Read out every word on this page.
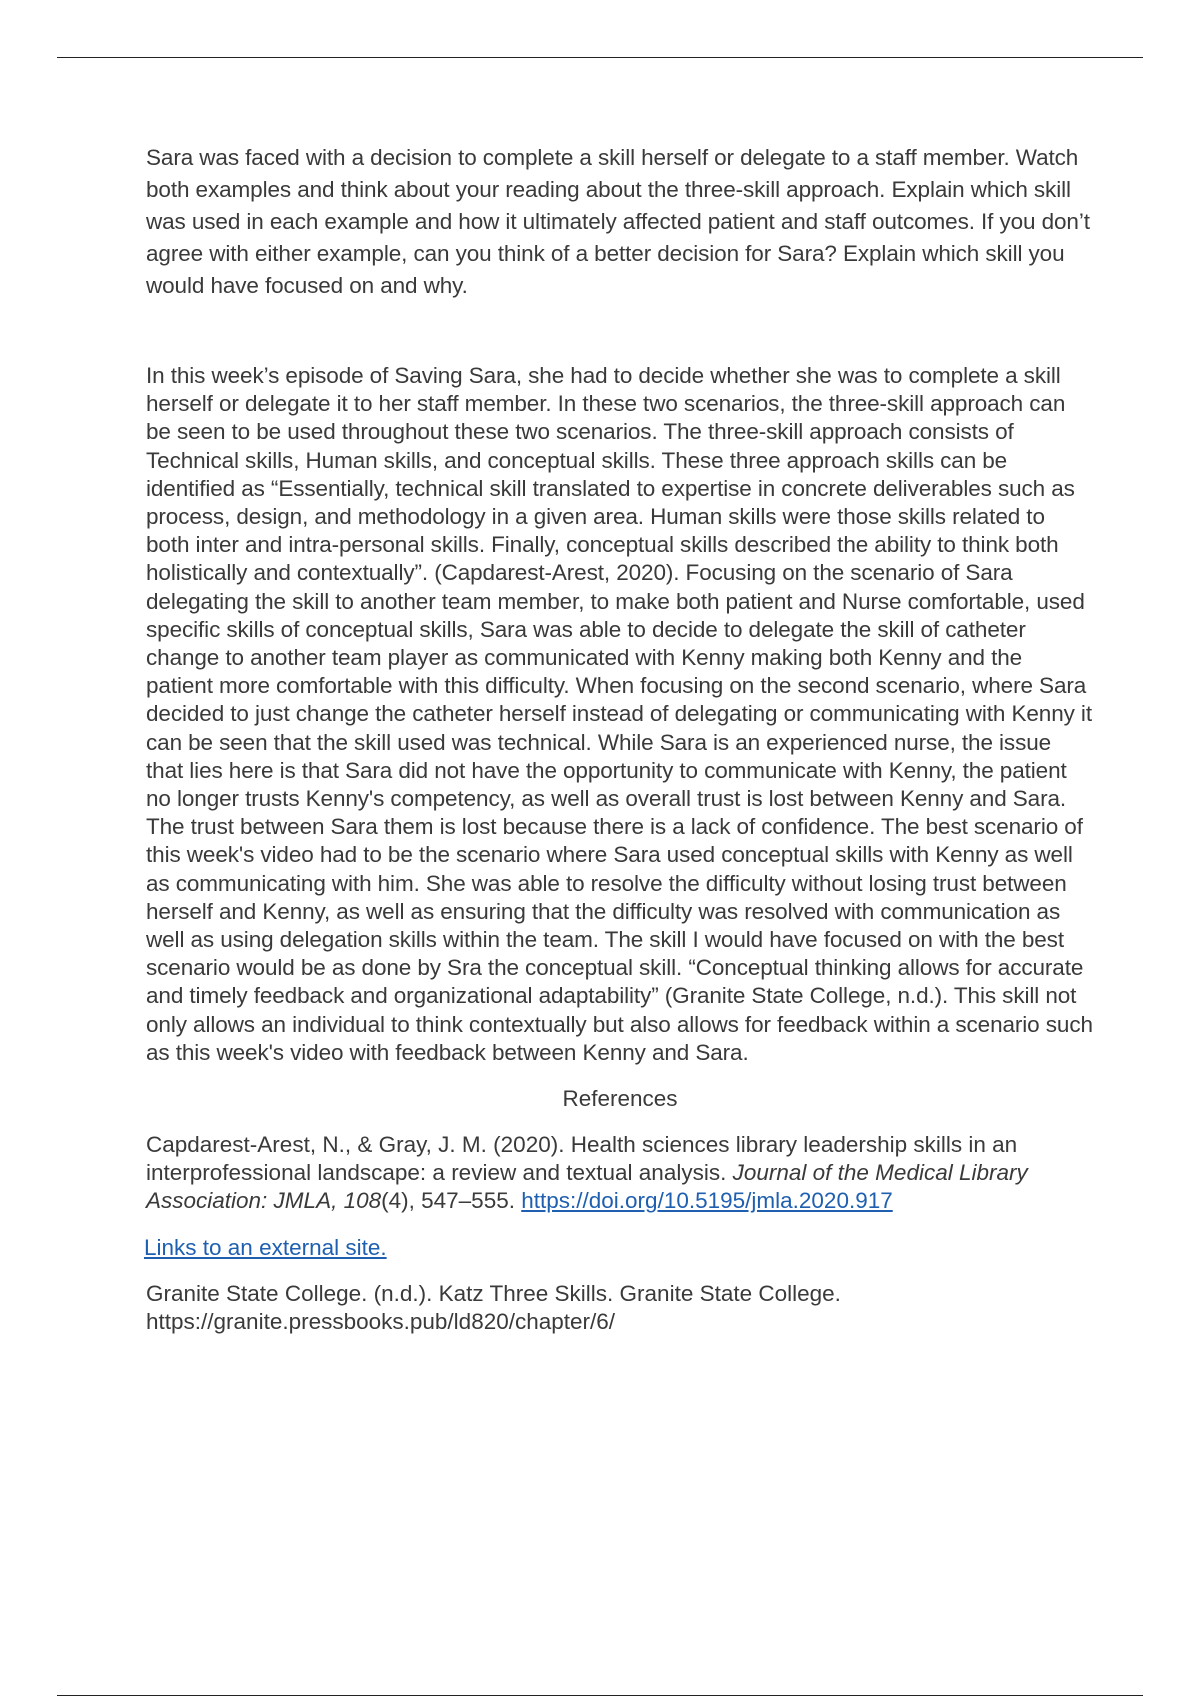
Sara was faced with a decision to complete a skill herself or delegate to a staff member. Watch both examples and think about your reading about the three-skill approach. Explain which skill was used in each example and how it ultimately affected patient and staff outcomes. If you don’t agree with either example, can you think of a better decision for Sara? Explain which skill you would have focused on and why.

In this week’s episode of Saving Sara, she had to decide whether she was to complete a skill herself or delegate it to her staff member. In these two scenarios, the three-skill approach can be seen to be used throughout these two scenarios. The three-skill approach consists of Technical skills, Human skills, and conceptual skills. These three approach skills can be identified as “Essentially, technical skill translated to expertise in concrete deliverables such as process, design, and methodology in a given area. Human skills were those skills related to both inter and intra-personal skills. Finally, conceptual skills described the ability to think both holistically and contextually”. (Capdarest-Arest, 2020). Focusing on the scenario of Sara delegating the skill to another team member, to make both patient and Nurse comfortable, used specific skills of conceptual skills, Sara was able to decide to delegate the skill of catheter change to another team player as communicated with Kenny making both Kenny and the patient more comfortable with this difficulty. When focusing on the second scenario, where Sara decided to just change the catheter herself instead of delegating or communicating with Kenny it can be seen that the skill used was technical. While Sara is an experienced nurse, the issue that lies here is that Sara did not have the opportunity to communicate with Kenny, the patient no longer trusts Kenny's competency, as well as overall trust is lost between Kenny and Sara. The trust between Sara them is lost because there is a lack of confidence. The best scenario of this week's video had to be the scenario where Sara used conceptual skills with Kenny as well as communicating with him. She was able to resolve the difficulty without losing trust between herself and Kenny, as well as ensuring that the difficulty was resolved with communication as well as using delegation skills within the team. The skill I would have focused on with the best scenario would be as done by Sra the conceptual skill. “Conceptual thinking allows for accurate and timely feedback and organizational adaptability” (Granite State College, n.d.). This skill not only allows an individual to think contextually but also allows for feedback within a scenario such as this week's video with feedback between Kenny and Sara.

References

Capdarest-Arest, N., & Gray, J. M. (2020). Health sciences library leadership skills in an interprofessional landscape: a review and textual analysis. Journal of the Medical Library Association: JMLA, 108(4), 547–555. https://doi.org/10.5195/jmla.2020.917

Links to an external site.

Granite State College. (n.d.). Katz Three Skills. Granite State College. https://granite.pressbooks.pub/ld820/chapter/6/
